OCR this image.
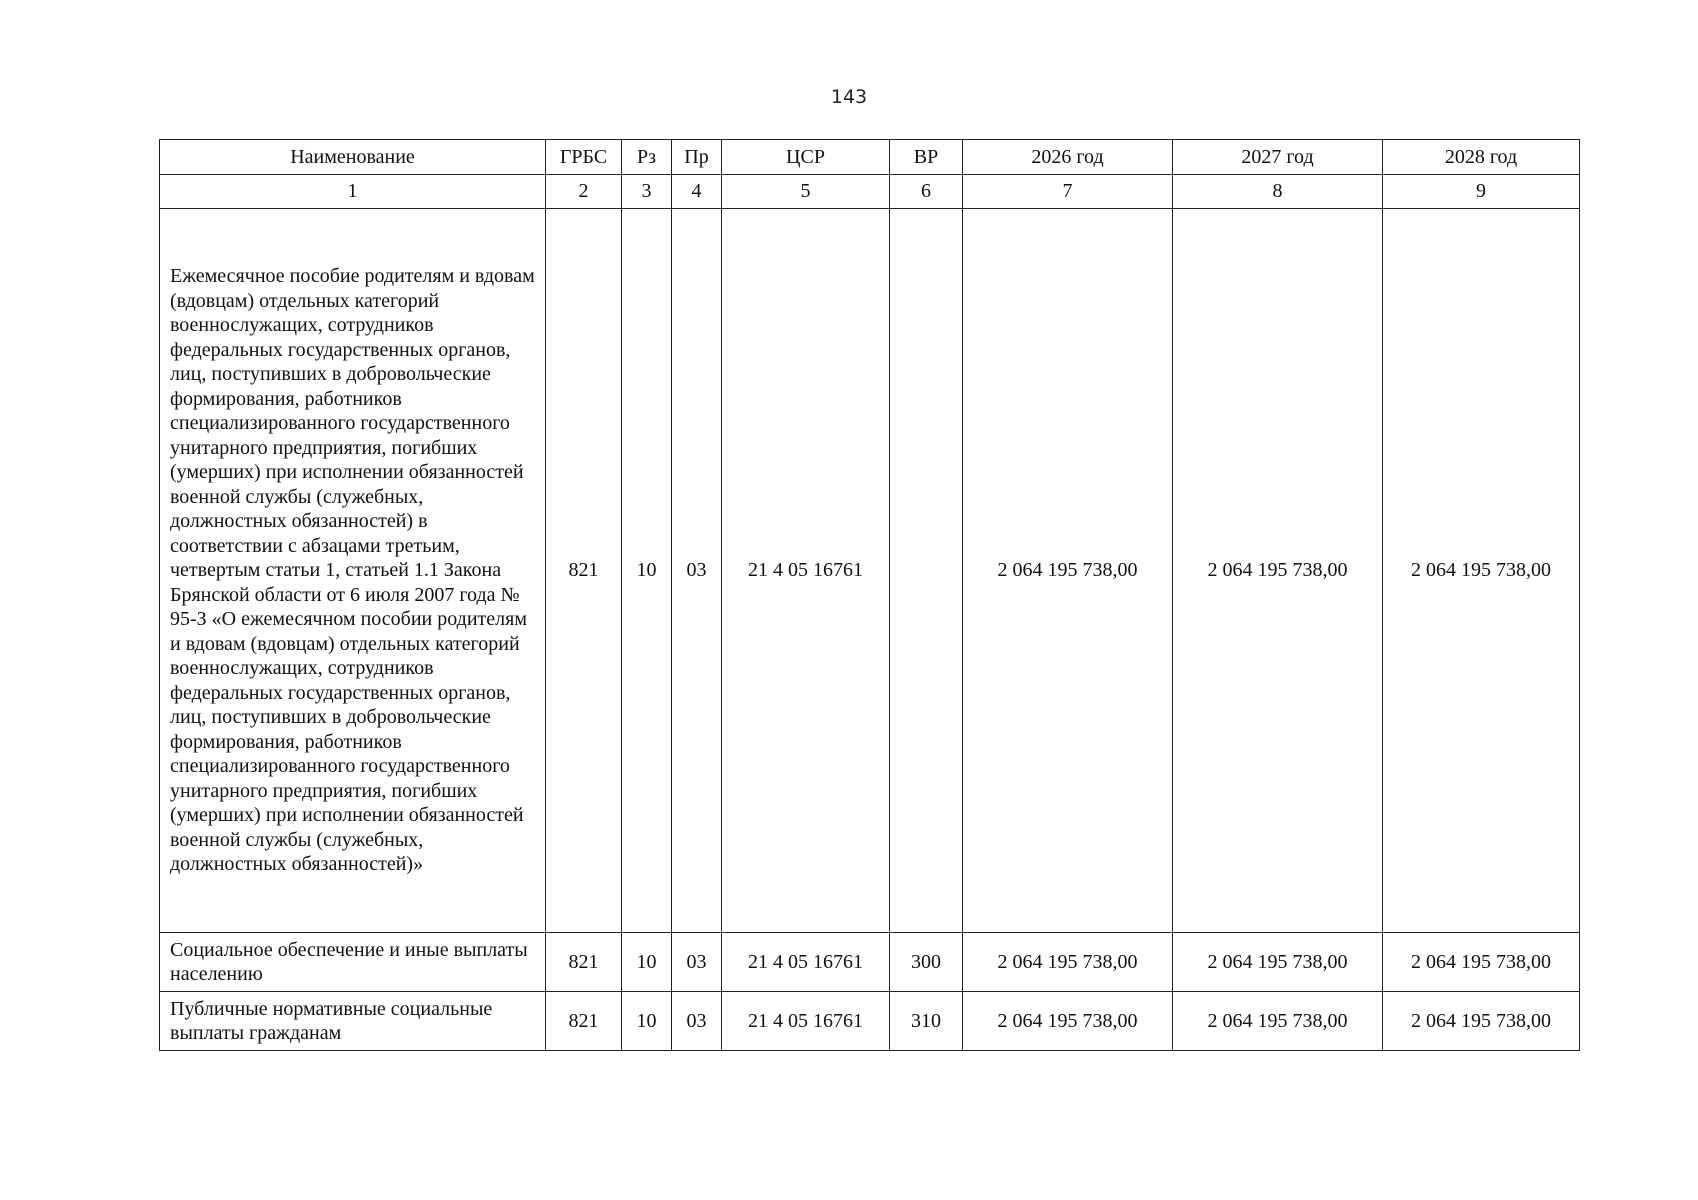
143
Наименование	ГРБС	Рз	Пр	ЦСР	ВР	2026 год	2027 год	2028 год
1	2	3	4	5	6	7	8	9
Ежемесячное пособие родителям и вдовам (вдовцам) отдельных категорий военнослужащих, сотрудников федеральных государственных органов, лиц, поступивших в добровольческие формирования, работников специализированного государственного унитарного предприятия, погибших (умерших) при исполнении обязанностей военной службы (служебных, должностных обязанностей) в соответствии с абзацами третьим, четвертым статьи 1, статьей 1.1 Закона Брянской области от 6 июля 2007 года № 95-З «О ежемесячном пособии родителям и вдовам (вдовцам) отдельных категорий военнослужащих, сотрудников федеральных государственных органов, лиц, поступивших в добровольческие формирования, работников специализированного государственного унитарного предприятия, погибших (умерших) при исполнении обязанностей военной службы (служебных, должностных обязанностей)»	821	10	03	21 4 05 16761		2 064 195 738,00	2 064 195 738,00	2 064 195 738,00
Социальное обеспечение и иные выплаты населению	821	10	03	21 4 05 16761	300	2 064 195 738,00	2 064 195 738,00	2 064 195 738,00
Публичные нормативные социальные выплаты гражданам	821	10	03	21 4 05 16761	310	2 064 195 738,00	2 064 195 738,00	2 064 195 738,00
